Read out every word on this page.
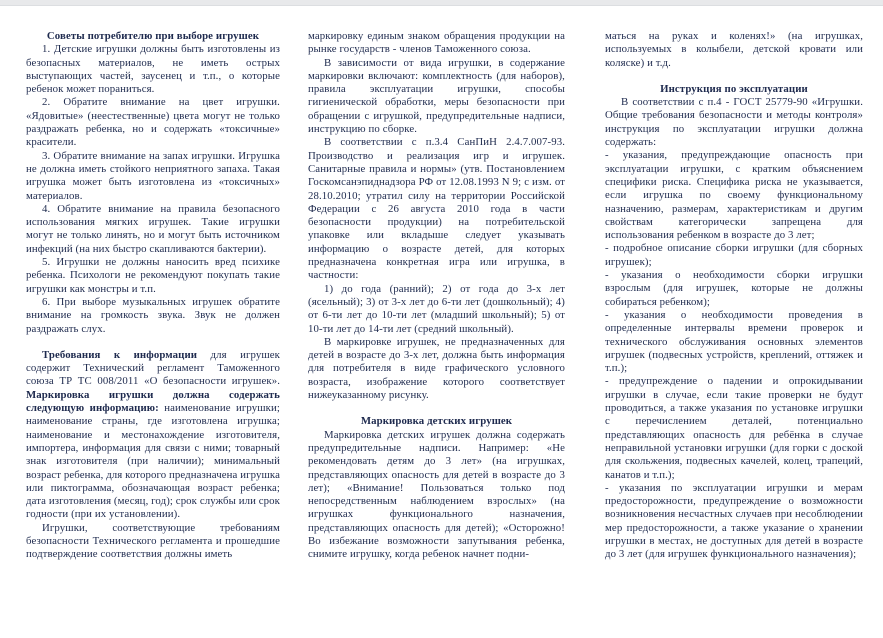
Советы потребителю при выборе игрушек
1. Детские игрушки должны быть изготовлены из безопасных материалов, не иметь острых выступающих частей, заусенец и т.п., о которые ребенок может пораниться.
2. Обратите внимание на цвет игрушки. «Ядовитые» (неестественные) цвета могут не только раздражать ребенка, но и содержать «токсичные» красители.
3. Обратите внимание на запах игрушки. Игрушка не должна иметь стойкого неприятного запаха. Такая игрушка может быть изготовлена из «токсичных» материалов.
4. Обратите внимание на правила безопасного использования мягких игрушек. Такие игрушки могут не только линять, но и могут быть источником инфекций (на них быстро скапливаются бактерии).
5. Игрушки не должны наносить вред психике ребенка. Психологи не рекомендуют покупать такие игрушки как монстры и т.п.
6. При выборе музыкальных игрушек обратите внимание на громкость звука. Звук не должен раздражать слух.
Требования к информации для игрушек содержит Технический регламент Таможенного союза ТР ТС 008/2011 «О безопасности игрушек». Маркировка игрушки должна содержать следующую информацию: наименование игрушки; наименование страны, где изготовлена игрушка; наименование и местонахождение изготовителя, импортера, информация для связи с ними; товарный знак изготовителя (при наличии); минимальный возраст ребенка, для которого предназначена игрушка или пиктограмма, обозначающая возраст ребенка; дата изготовления (месяц, год); срок службы или срок годности (при их установлении).
Игрушки, соответствующие требованиям безопасности Технического регламента и прошедшие подтверждение соответствия должны иметь
маркировку единым знаком обращения продукции на рынке государств - членов Таможенного союза.
В зависимости от вида игрушки, в содержание маркировки включают: комплектность (для наборов), правила эксплуатации игрушки, способы гигиенической обработки, меры безопасности при обращении с игрушкой, предупредительные надписи, инструкцию по сборке.
В соответствии с п.3.4 СанПиН 2.4.7.007-93. Производство и реализация игр и игрушек. Санитарные правила и нормы» (утв. Постановлением Госкомсанэпиднадзора РФ от 12.08.1993 N 9; с изм. от 28.10.2010; утратил силу на территории Российской Федерации с 26 августа 2010 года в части безопасности продукции) на потребительской упаковке или вкладыше следует указывать информацию о возрасте детей, для которых предназначена конкретная игра или игрушка, в частности:
1) до года (ранний); 2) от года до 3-х лет (ясельный); 3) от 3-х лет до 6-ти лет (дошкольный); 4) от 6-ти лет до 10-ти лет (младший школьный); 5) от 10-ти лет до 14-ти лет (средний школьный).
В маркировке игрушек, не предназначенных для детей в возрасте до 3-х лет, должна быть информация для потребителя в виде графического условного возраста, изображение которого соответствует нижеуказанному рисунку.
Маркировка детских игрушек
Маркировка детских игрушек должна содержать предупредительные надписи. Например: «Не рекомендовать детям до 3 лет» (на игрушках, представляющих опасность для детей в возрасте до 3 лет); «Внимание! Пользоваться только под непосредственным наблюдением взрослых» (на игрушках функционального назначения, представляющих опасность для детей); «Осторожно! Во избежание возможности запутывания ребенка, снимите игрушку, когда ребенок начнет подни-
маться на руках и коленях!» (на игрушках, используемых в колыбели, детской кровати или коляске) и т.д.
Инструкция по эксплуатации
В соответствии с п.4 - ГОСТ 25779-90 «Игрушки. Общие требования безопасности и методы контроля» инструкция по эксплуатации игрушки должна содержать:
- указания, предупреждающие опасность при эксплуатации игрушки, с кратким объяснением специфики риска. Специфика риска не указывается, если игрушка по своему функциональному назначению, размерам, характеристикам и другим свойствам категорически запрещена для использования ребенком в возрасте до 3 лет;
- подробное описание сборки игрушки (для сборных игрушек);
- указания о необходимости сборки игрушки взрослым (для игрушек, которые не должны собираться ребенком);
- указания о необходимости проведения в определенные интервалы времени проверок и технического обслуживания основных элементов игрушек (подвесных устройств, креплений, оттяжек и т.п.);
- предупреждение о падении и опрокидывании игрушки в случае, если такие проверки не будут проводиться, а также указания по установке игрушки с перечислением деталей, потенциально представляющих опасность для ребёнка в случае неправильной установки игрушки (для горки с доской для скольжения, подвесных качелей, колец, трапеций, канатов и т.п.);
- указания по эксплуатации игрушки и мерам предосторожности, предупреждение о возможности возникновения несчастных случаев при несоблюдении мер предосторожности, а также указание о хранении игрушки в местах, не доступных для детей в возрасте до 3 лет (для игрушек функционального назначения);
